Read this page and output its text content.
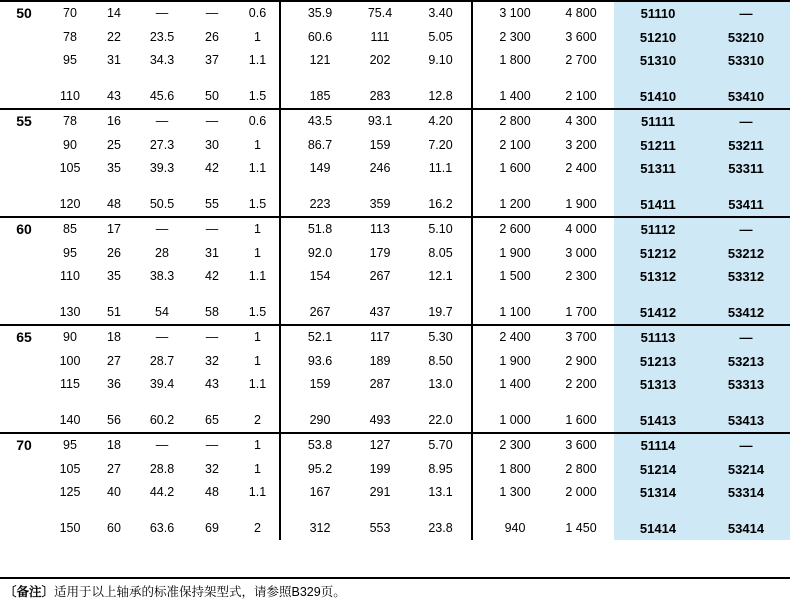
50	70	14	—	—	0.6		35.9	75.4	3.40		3 100	4 800	51110	—
	78	22	23.5	26	1		60.6	111	5.05		2 300	3 600	51210	53210
	95	31	34.3	37	1.1		121	202	9.10		1 800	2 700	51310	53310

	110	43	45.6	50	1.5		185	283	12.8		1 400	2 100	51410	53410
55	78	16	—	—	0.6		43.5	93.1	4.20		2 800	4 300	51111	—
	90	25	27.3	30	1		86.7	159	7.20		2 100	3 200	51211	53211
	105	35	39.3	42	1.1		149	246	11.1		1 600	2 400	51311	53311

	120	48	50.5	55	1.5		223	359	16.2		1 200	1 900	51411	53411
60	85	17	—	—	1		51.8	113	5.10		2 600	4 000	51112	—
	95	26	28	31	1		92.0	179	8.05		1 900	3 000	51212	53212
	110	35	38.3	42	1.1		154	267	12.1		1 500	2 300	51312	53312

	130	51	54	58	1.5		267	437	19.7		1 100	1 700	51412	53412
65	90	18	—	—	1		52.1	117	5.30		2 400	3 700	51113	—
	100	27	28.7	32	1		93.6	189	8.50		1 900	2 900	51213	53213
	115	36	39.4	43	1.1		159	287	13.0		1 400	2 200	51313	53313

	140	56	60.2	65	2		290	493	22.0		1 000	1 600	51413	53413
70	95	18	—	—	1		53.8	127	5.70		2 300	3 600	51114	—
	105	27	28.8	32	1		95.2	199	8.95		1 800	2 800	51214	53214
	125	40	44.2	48	1.1		167	291	13.1		1 300	2 000	51314	53314

	150	60	63.6	69	2		312	553	23.8		940	1 450	51414	53414
〔备注〕适用于以上轴承的标准保持架型式，请参照B329页。
